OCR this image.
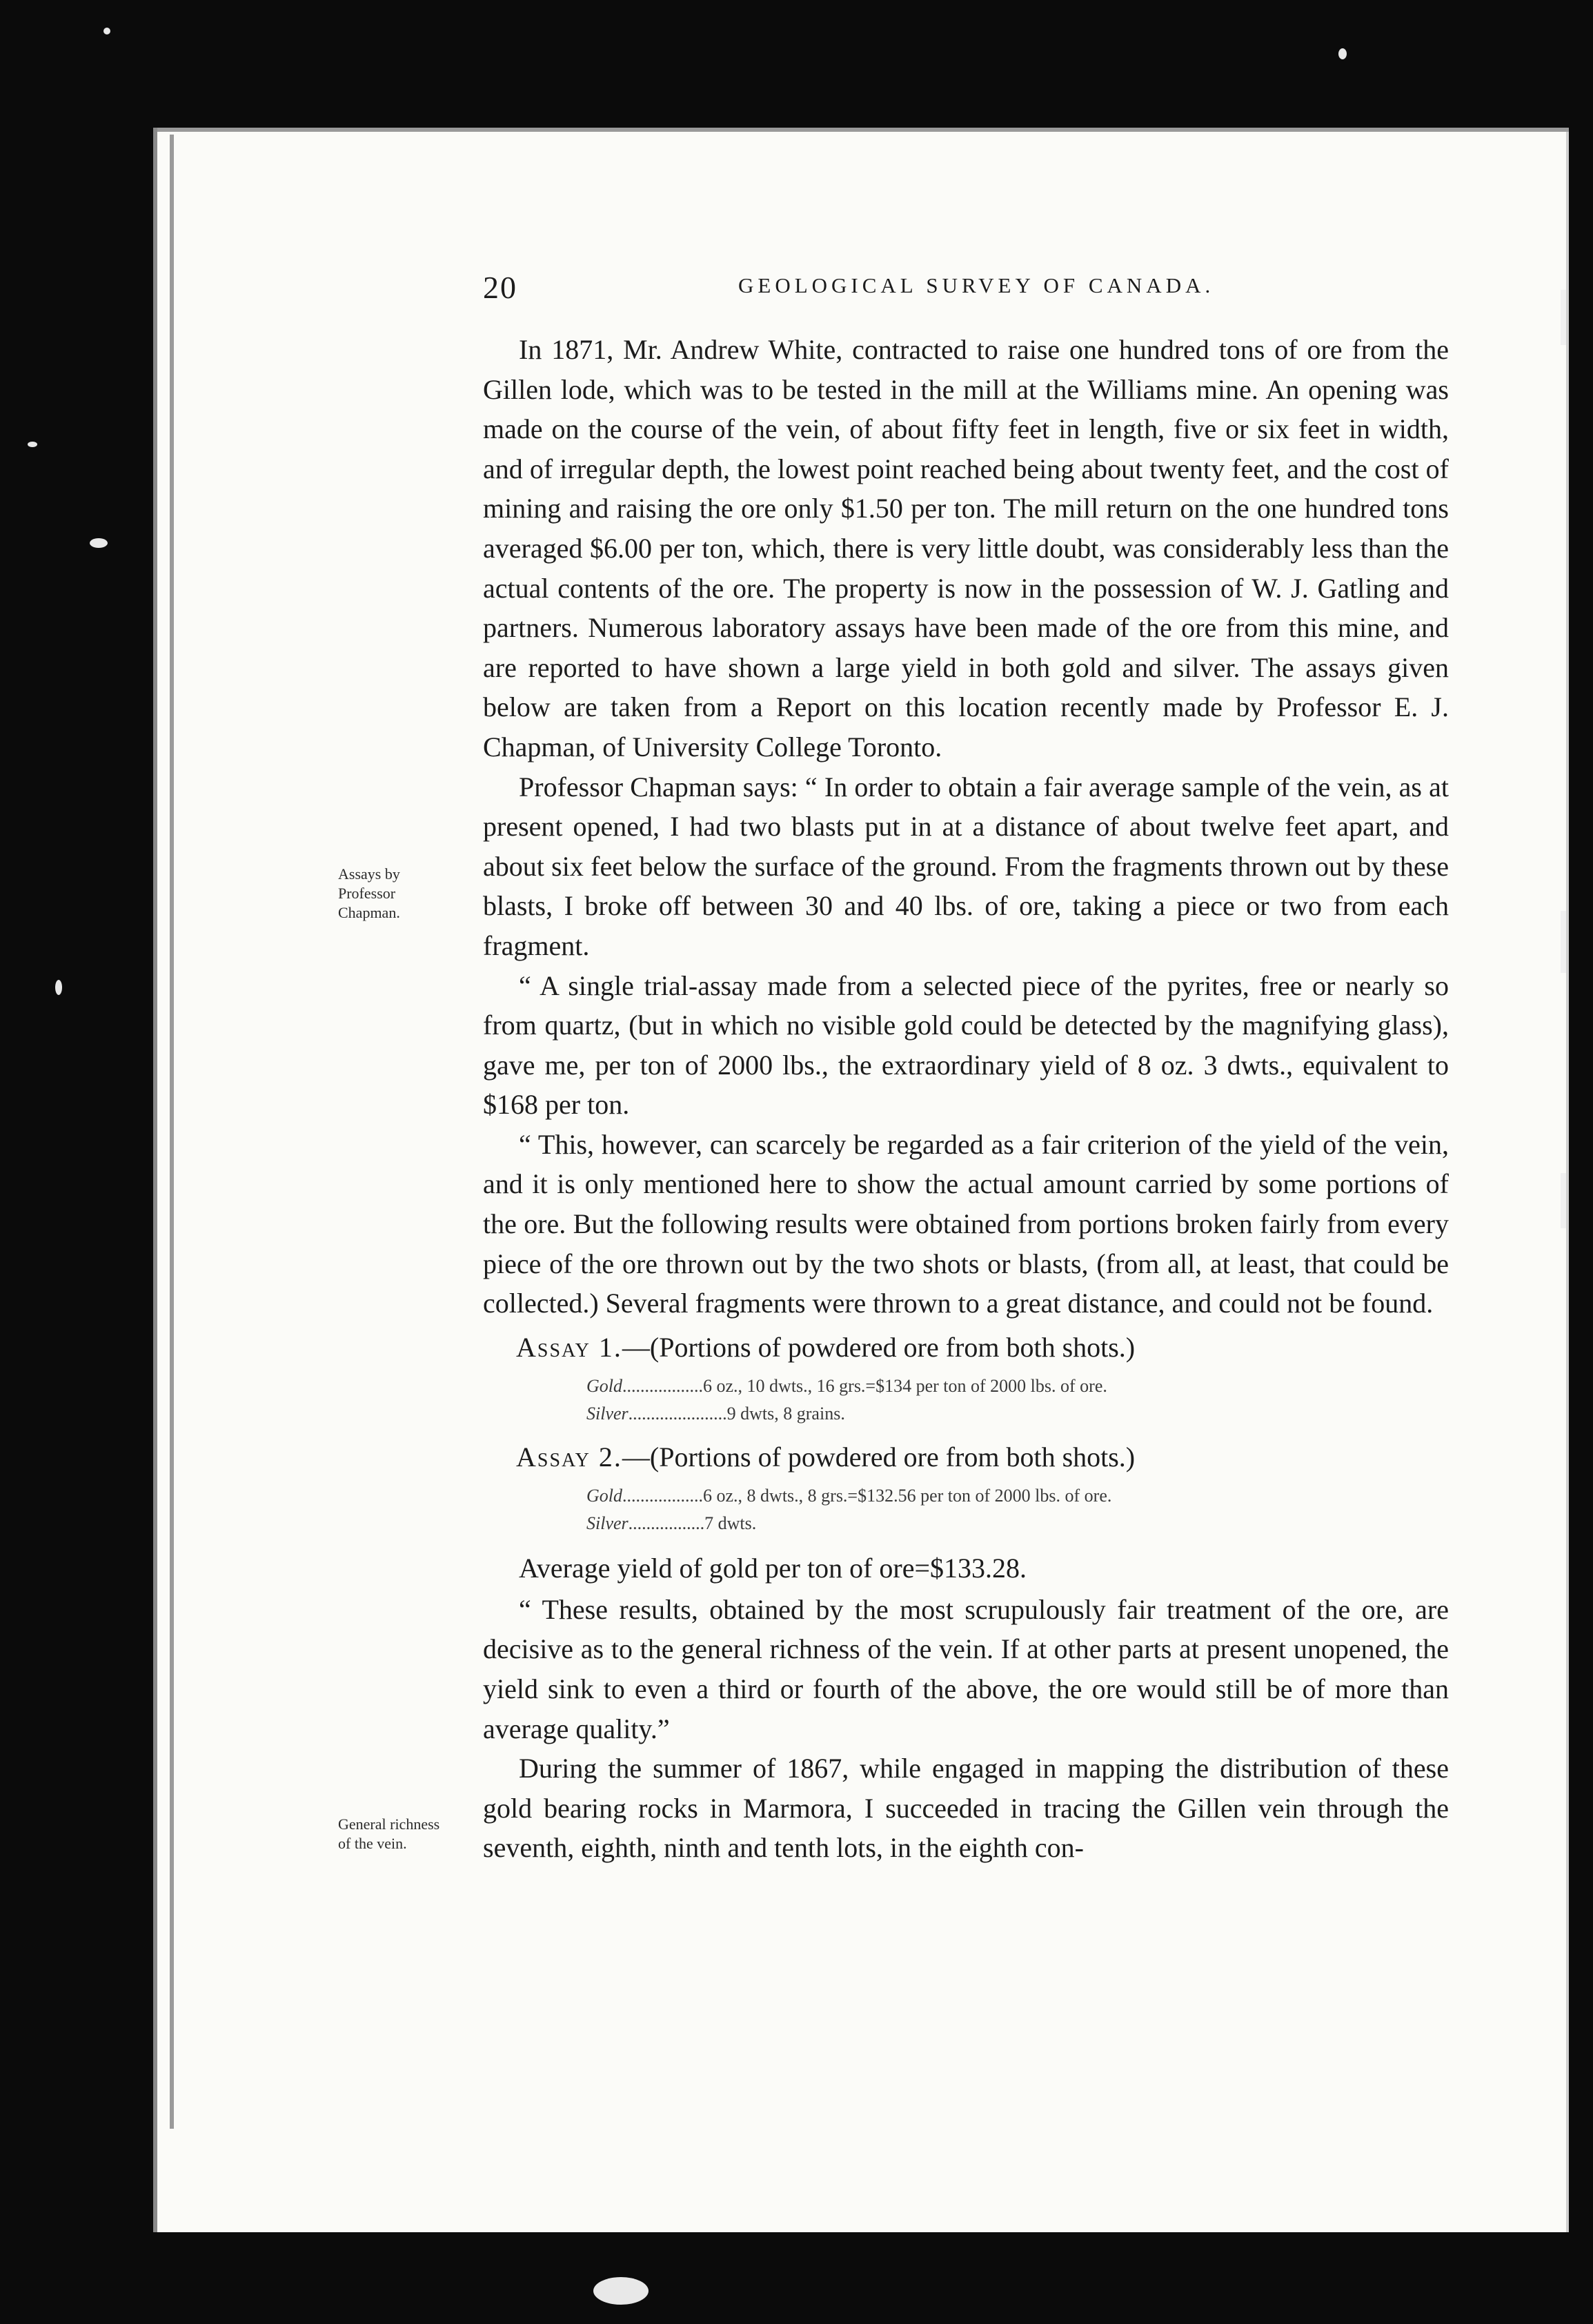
20	GEOLOGICAL SURVEY OF CANADA.
Assays by Professor Chapman.
General richness of the vein.

In 1871, Mr. Andrew White, contracted to raise one hundred tons of ore from the Gillen lode, which was to be tested in the mill at the Williams mine. An opening was made on the course of the vein, of about fifty feet in length, five or six feet in width, and of irregular depth, the lowest point reached being about twenty feet, and the cost of mining and raising the ore only $1.50 per ton. The mill return on the one hundred tons averaged $6.00 per ton, which, there is very little doubt, was considerably less than the actual contents of the ore. The property is now in the possession of W. J. Gatling and partners. Numerous laboratory assays have been made of the ore from this mine, and are reported to have shown a large yield in both gold and silver. The assays given below are taken from a Report on this location recently made by Professor E. J. Chapman, of University College Toronto.

Professor Chapman says: “ In order to obtain a fair average sample of the vein, as at present opened, I had two blasts put in at a distance of about twelve feet apart, and about six feet below the surface of the ground. From the fragments thrown out by these blasts, I broke off between 30 and 40 lbs. of ore, taking a piece or two from each fragment.

“ A single trial-assay made from a selected piece of the pyrites, free or nearly so from quartz, (but in which no visible gold could be detected by the magnifying glass), gave me, per ton of 2000 lbs., the extraordinary yield of 8 oz. 3 dwts., equivalent to $168 per ton.

“ This, however, can scarcely be regarded as a fair criterion of the yield of the vein, and it is only mentioned here to show the actual amount carried by some portions of the ore. But the following results were obtained from portions broken fairly from every piece of the ore thrown out by the two shots or blasts, (from all, at least, that could be collected.) Several fragments were thrown to a great distance, and could not be found.

Assay 1.—(Portions of powdered ore from both shots.)
Gold..................6 oz., 10 dwts., 16 grs.=$134 per ton of 2000 lbs. of ore.
Silver......................9 dwts, 8 grains.
Assay 2.—(Portions of powdered ore from both shots.)
Gold..................6 oz., 8 dwts., 8 grs.=$132.56 per ton of 2000 lbs. of ore.
Silver.................7 dwts.

Average yield of gold per ton of ore=$133.28.

“ These results, obtained by the most scrupulously fair treatment of the ore, are decisive as to the general richness of the vein. If at other parts at present unopened, the yield sink to even a third or fourth of the above, the ore would still be of more than average quality.”

During the summer of 1867, while engaged in mapping the distribution of these gold bearing rocks in Marmora, I succeeded in tracing the Gillen vein through the seventh, eighth, ninth and tenth lots, in the eighth con-
